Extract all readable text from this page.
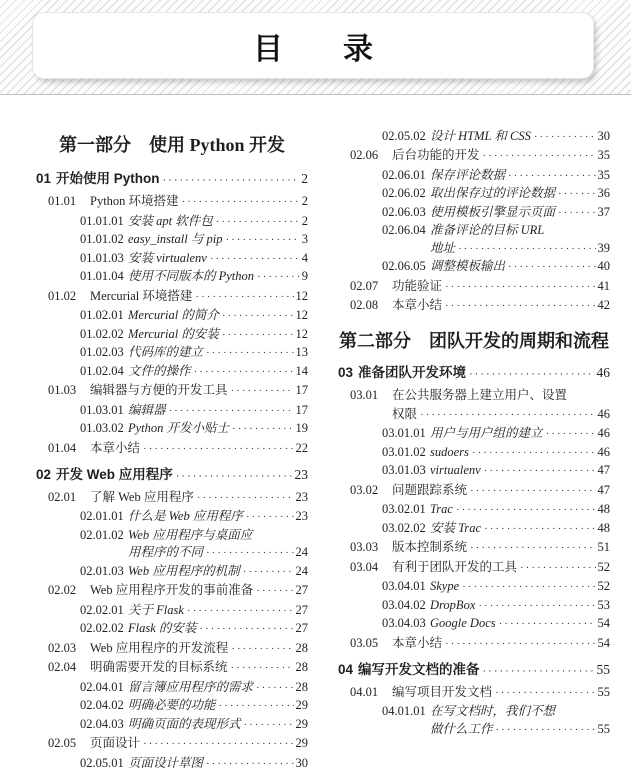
目　　录
第一部分　使用 Python 开发
01 开始使用 Python ·····	2
01.01	Python 环境搭建 ·····	2
01.01.01 安装 apt 软件包 ·····	2
01.01.02 easy_install 与 pip ·····	3
01.01.03 安装 virtualenv ·····	4
01.01.04 使用不同版本的 Python ·····	9
01.02	Mercurial 环境搭建 ·····	12
01.02.01 Mercurial 的简介 ·····	12
01.02.02 Mercurial 的安装 ·····	12
01.02.03 代码库的建立 ·····	13
01.02.04 文件的操作 ·····	14
01.03	编辑器与方便的开发工具 ·····	17
01.03.01 编辑器 ·····	17
01.03.02 Python 开发小贴士 ·····	19
01.04	本章小结 ·····	22
02 开发 Web 应用程序 ·····	23
02.01	了解 Web 应用程序 ·····	23
02.01.01 什么是 Web 应用程序 ·····	23
02.01.02 Web 应用程序与桌面应
用程序的不同 ·····	24
02.01.03 Web 应用程序的机制 ·····	24
02.02	Web 应用程序开发的事前准备 ·····	27
02.02.01 关于 Flask ·····	27
02.02.02 Flask 的安装 ·····	27
02.03	Web 应用程序的开发流程 ·····	28
02.04	明确需要开发的目标系统 ·····	28
02.04.01 留言簿应用程序的需求 ·····	28
02.04.02 明确必要的功能 ·····	29
02.04.03 明确页面的表现形式 ·····	29
02.05	页面设计 ·····	29
02.05.01 页面设计草图 ·····	30
02.05.02 设计 HTML 和 CSS ·····	30
02.06	后台功能的开发 ·····	35
02.06.01 保存评论数据 ·····	35
02.06.02 取出保存过的评论数据 ·····	36
02.06.03 使用模板引擎显示页面 ·····	37
02.06.04 准备评论的目标 URL
地址 ·····	39
02.06.05 调整模板输出 ·····	40
02.07	功能验证 ·····	41
02.08	本章小结 ·····	42
第二部分　团队开发的周期和流程
03 准备团队开发环境 ·····	46
03.01	在公共服务器上建立用户、设置
权限 ·····	46
03.01.01 用户与用户组的建立 ·····	46
03.01.02 sudoers ·····	46
03.01.03 virtualenv ·····	47
03.02	问题跟踪系统 ·····	47
03.02.01 Trac ·····	48
03.02.02 安装 Trac ·····	48
03.03	版本控制系统 ·····	51
03.04	有利于团队开发的工具 ·····	52
03.04.01 Skype ·····	52
03.04.02 DropBox ·····	53
03.04.03 Google Docs ·····	54
03.05	本章小结 ·····	54
04 编写开发文档的准备 ·····	55
04.01	编写项目开发文档 ·····	55
04.01.01 在写文档时，我们不想
做什么工作 ·····	55
